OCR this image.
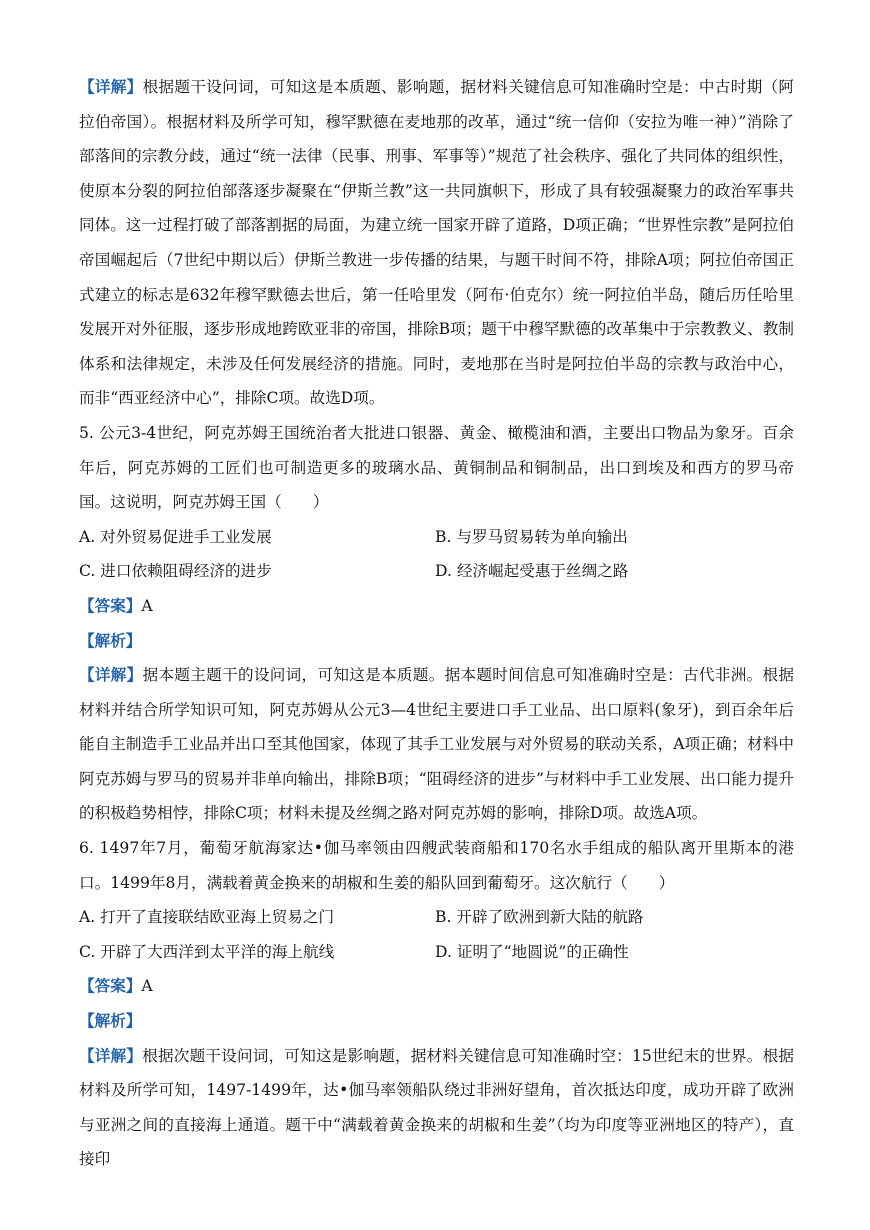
【详解】根据题干设问词，可知这是本质题、影响题，据材料关键信息可知准确时空是：中古时期（阿拉伯帝国）。根据材料及所学可知，穆罕默德在麦地那的改革，通过“统一信仰（安拉为唯一神）”消除了部落间的宗教分歧，通过“统一法律（民事、刑事、军事等）”规范了社会秩序、强化了共同体的组织性，使原本分裂的阿拉伯部落逐步凝聚在“伊斯兰教”这一共同旗帜下，形成了具有较强凝聚力的政治军事共同体。这一过程打破了部落割据的局面，为建立统一国家开辟了道路，D项正确；“世界性宗教”是阿拉伯帝国崛起后（7世纪中期以后）伊斯兰教进一步传播的结果，与题干时间不符，排除A项；阿拉伯帝国正式建立的标志是632年穆罕默德去世后，第一任哈里发（阿布·伯克尔）统一阿拉伯半岛，随后历任哈里发展开对外征服，逐步形成地跨欧亚非的帝国，排除B项；题干中穆罕默德的改革集中于宗教教义、教制体系和法律规定，未涉及任何发展经济的措施。同时，麦地那在当时是阿拉伯半岛的宗教与政治中心，而非“西亚经济中心”，排除C项。故选D项。

5. 公元3-4世纪，阿克苏姆王国统治者大批进口银器、黄金、橄榄油和酒，主要出口物品为象牙。百余年后，阿克苏姆的工匠们也可制造更多的玻璃水品、黄铜制品和铜制品，出口到埃及和西方的罗马帝国。这说明，阿克苏姆王国（　　）

A. 对外贸易促进手工业发展	B. 与罗马贸易转为单向输出
C. 进口依赖阻碍经济的进步	D. 经济崛起受惠于丝绸之路
【答案】A
【解析】

【详解】据本题主题干的设问词，可知这是本质题。据本题时间信息可知准确时空是：古代非洲。根据材料并结合所学知识可知，阿克苏姆从公元3—4世纪主要进口手工业品、出口原料(象牙)，到百余年后能自主制造手工业品并出口至其他国家，体现了其手工业发展与对外贸易的联动关系，A项正确；材料中阿克苏姆与罗马的贸易并非单向输出，排除B项；“阻碍经济的进步”与材料中手工业发展、出口能力提升的积极趋势相悖，排除C项；材料未提及丝绸之路对阿克苏姆的影响，排除D项。故选A项。

6. 1497年7月，葡萄牙航海家达•伽马率领由四艘武装商船和170名水手组成的船队离开里斯本的港口。1499年8月，满载着黄金换来的胡椒和生姜的船队回到葡萄牙。这次航行（　　）

A. 打开了直接联结欧亚海上贸易之门	B. 开辟了欧洲到新大陆的航路
C. 开辟了大西洋到太平洋的海上航线	D. 证明了“地圆说”的正确性
【答案】A
【解析】

【详解】根据次题干设问词，可知这是影响题，据材料关键信息可知准确时空：15世纪末的世界。根据材料及所学可知，1497-1499年，达•伽马率领船队绕过非洲好望角，首次抵达印度，成功开辟了欧洲与亚洲之间的直接海上通道。题干中“满载着黄金换来的胡椒和生姜”（均为印度等亚洲地区的特产），直接印
